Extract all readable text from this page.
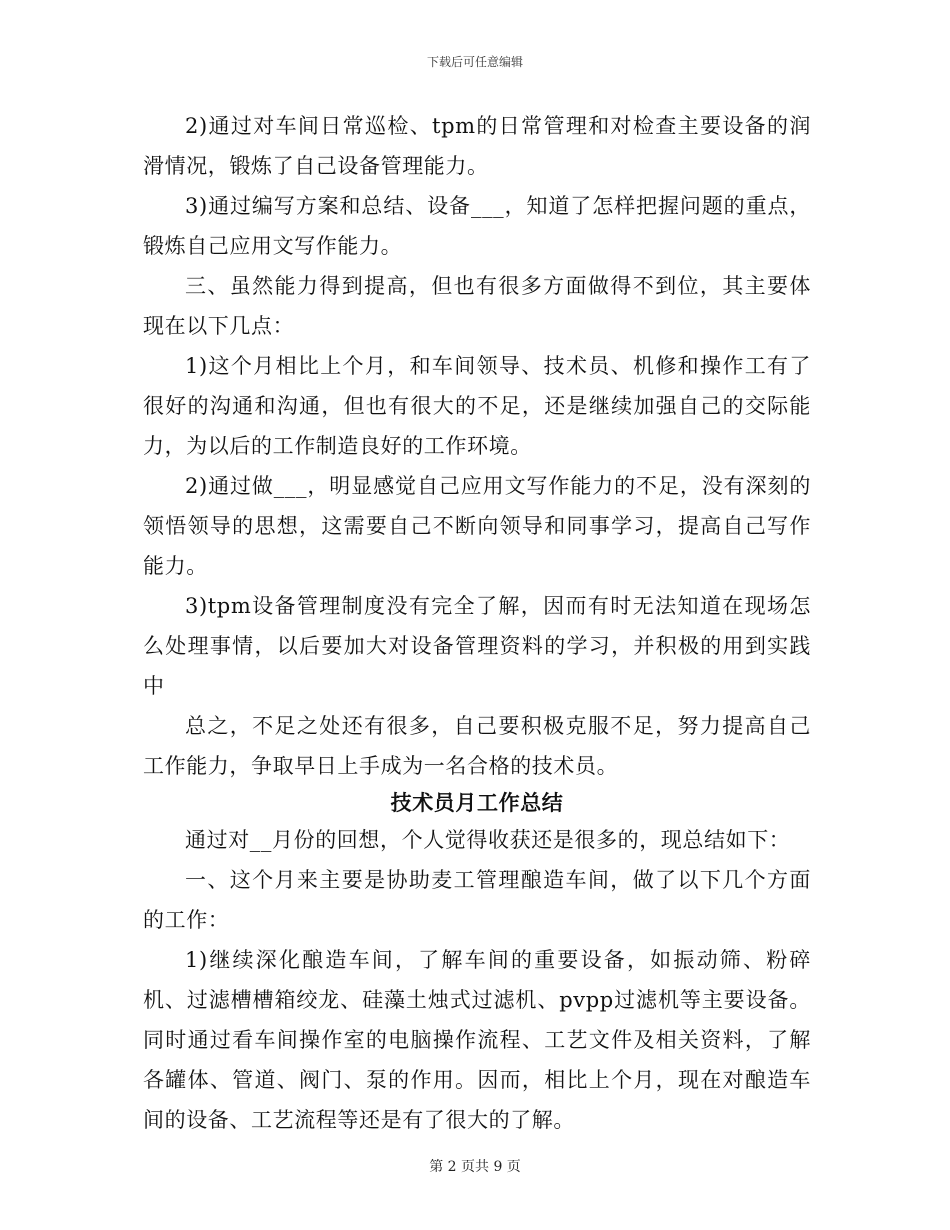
下载后可任意编辑

2)通过对车间日常巡检、tpm的日常管理和对检查主要设备的润滑情况，锻炼了自己设备管理能力。

3)通过编写方案和总结、设备___，知道了怎样把握问题的重点，锻炼自己应用文写作能力。

三、虽然能力得到提高，但也有很多方面做得不到位，其主要体现在以下几点：

1)这个月相比上个月，和车间领导、技术员、机修和操作工有了很好的沟通和沟通，但也有很大的不足，还是继续加强自己的交际能力，为以后的工作制造良好的工作环境。

2)通过做___，明显感觉自己应用文写作能力的不足，没有深刻的领悟领导的思想，这需要自己不断向领导和同事学习，提高自己写作能力。

3)tpm设备管理制度没有完全了解，因而有时无法知道在现场怎么处理事情，以后要加大对设备管理资料的学习，并积极的用到实践中

总之，不足之处还有很多，自己要积极克服不足，努力提高自己工作能力，争取早日上手成为一名合格的技术员。

技术员月工作总结

通过对__月份的回想，个人觉得收获还是很多的，现总结如下：

一、这个月来主要是协助麦工管理酿造车间，做了以下几个方面的工作：

1)继续深化酿造车间，了解车间的重要设备，如振动筛、粉碎机、过滤槽槽箱绞龙、硅藻土烛式过滤机、pvpp过滤机等主要设备。同时通过看车间操作室的电脑操作流程、工艺文件及相关资料，了解各罐体、管道、阀门、泵的作用。因而，相比上个月，现在对酿造车间的设备、工艺流程等还是有了很大的了解。

第 2 页共 9 页
